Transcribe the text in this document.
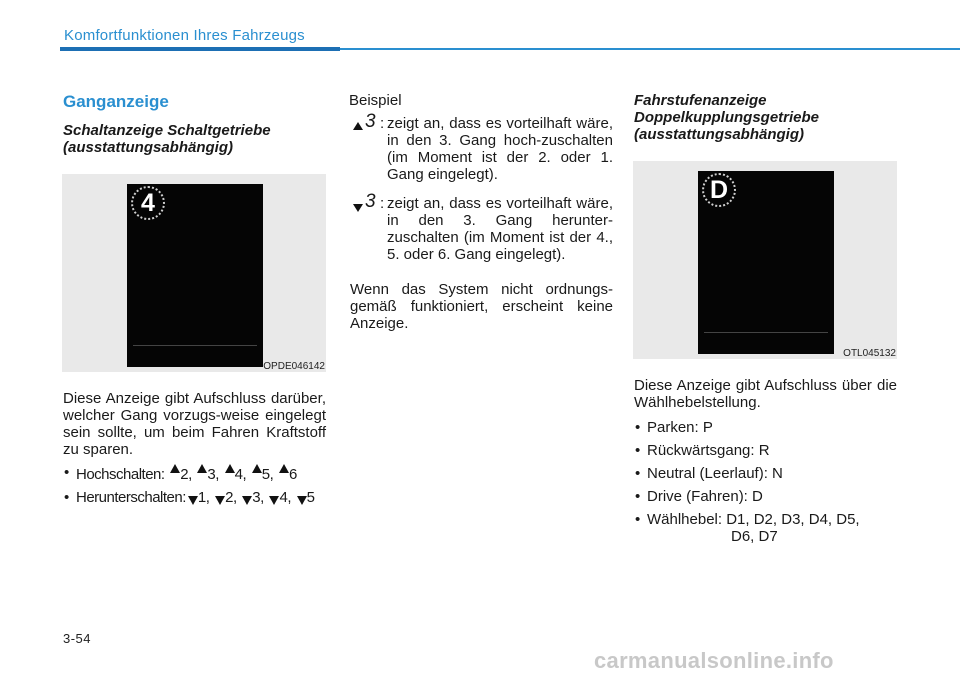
Komfortfunktionen Ihres Fahrzeugs
Ganganzeige
Schaltanzeige Schaltgetriebe (ausstattungsabhängig)
4
OPDE046142
Diese Anzeige gibt Aufschluss darüber, welcher Gang vorzugs-weise eingelegt sein sollte, um beim Fahren Kraftstoff zu sparen.
• Hochschalten: 2, 3, 4, 5, 6
• Herunterschalten: 1, 2, 3, 4, 5
Beispiel
3 : zeigt an, dass es vorteilhaft wäre, in den 3. Gang hoch-zuschalten (im Moment ist der 2. oder 1. Gang eingelegt).
3 : zeigt an, dass es vorteilhaft wäre, in den 3. Gang herunter-zuschalten (im Moment ist der 4., 5. oder 6. Gang eingelegt).
Wenn das System nicht ordnungs-gemäß funktioniert, erscheint keine Anzeige.
Fahrstufenanzeige Doppelkupplungsgetriebe (ausstattungsabhängig)
D
OTL045132
Diese Anzeige gibt Aufschluss über die Wählhebelstellung.
• Parken: P
• Rückwärtsgang: R
• Neutral (Leerlauf): N
• Drive (Fahren): D
• Wählhebel: D1, D2, D3, D4, D5,
D6, D7
3-54
carmanualsonline.info
